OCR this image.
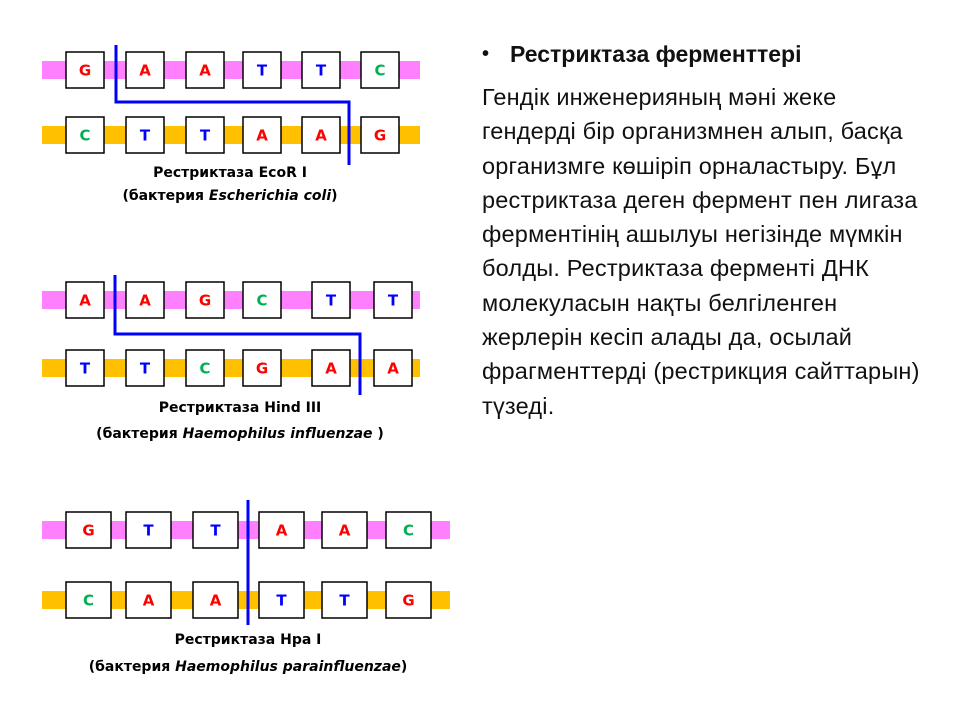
G	A	A	T	T	C
C	T	T	A	A	G
Рестриктаза EcoR I
(бактерия Escherichia coli)
A	A	G	C	T	T
T	T	C	G	A	A
Рестриктаза Hind III
(бактерия Haemophilus influenzae )
G	T	T	A	A	C
C	A	A	T	T	G
Рестриктаза Hpa I
(бактерия Haemophilus parainfluenzae)
• Рестриктаза ферменттері
Гендік инженерияның мәні жеке гендерді бір организмнен алып, басқа организмге көшіріп орналастыру. Бұл рестриктаза деген фермент пен лигаза ферментінің ашылуы негізінде мүмкін болды. Рестриктаза ферменті ДНК молекуласын нақты белгіленген жерлерін кесіп алады да, осылай фрагменттерді (рестрикция сайттарын) түзеді.
